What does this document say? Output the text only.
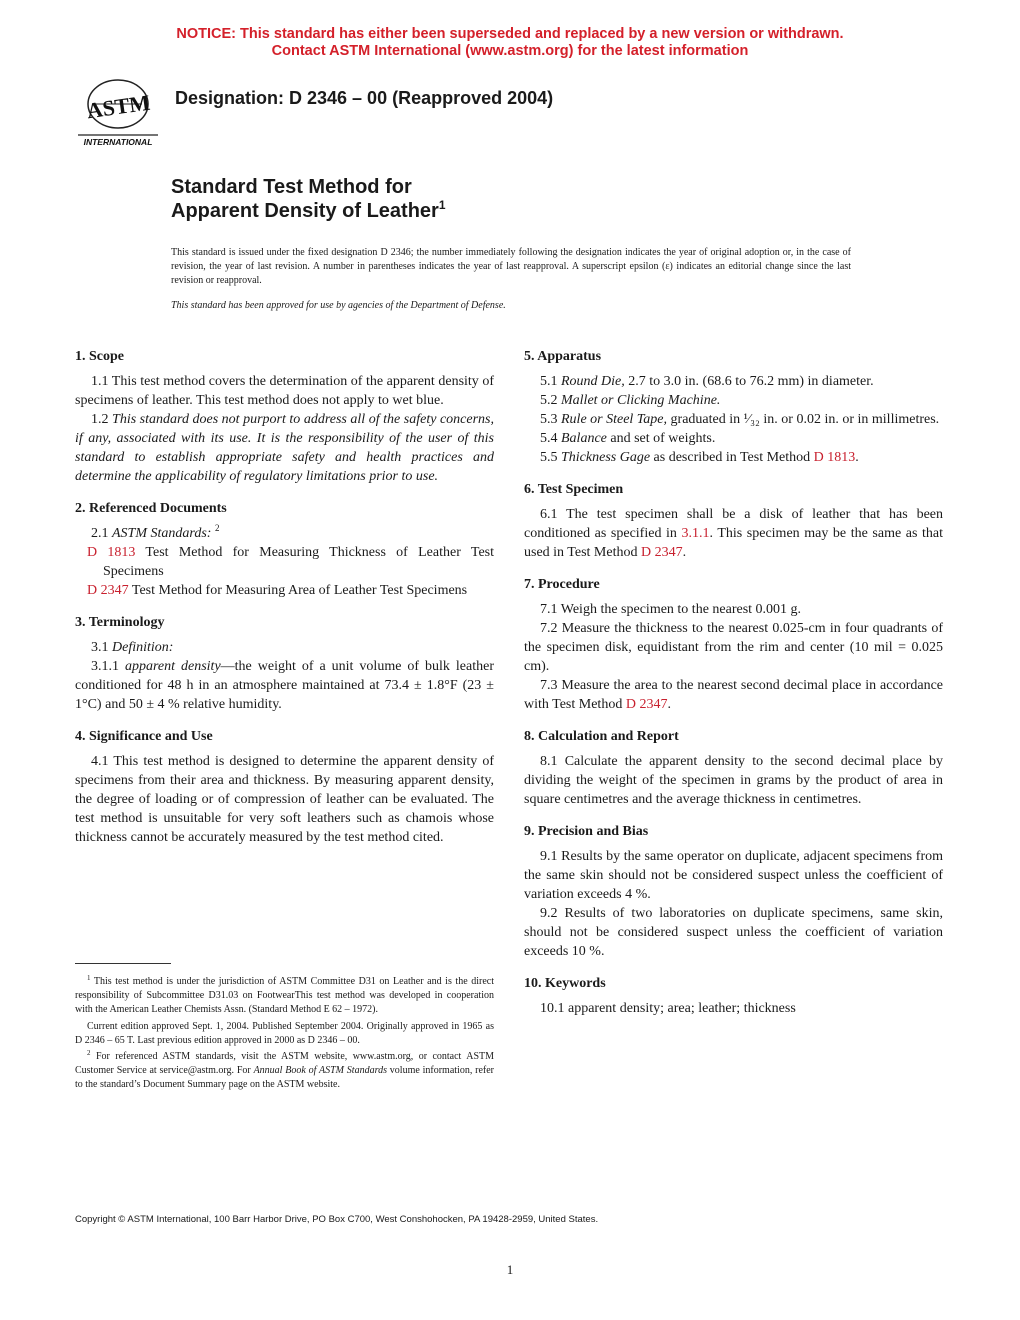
NOTICE: This standard has either been superseded and replaced by a new version or withdrawn.
Contact ASTM International (www.astm.org) for the latest information
ASTM
INTERNATIONAL
Designation: D 2346 – 00 (Reapproved 2004)
Standard Test Method for
Apparent Density of Leather$^1$
This standard is issued under the fixed designation D 2346; the number immediately following the designation indicates the year of original adoption or, in the case of revision, the year of last revision. A number in parentheses indicates the year of last reapproval. A superscript epsilon (ε) indicates an editorial change since the last revision or reapproval.
This standard has been approved for use by agencies of the Department of Defense.
1. Scope

1.1 This test method covers the determination of the apparent density of specimens of leather. This test method does not apply to wet blue.

1.2 This standard does not purport to address all of the safety concerns, if any, associated with its use. It is the responsibility of the user of this standard to establish appropriate safety and health practices and determine the applicability of regulatory limitations prior to use.

2. Referenced Documents

2.1 ASTM Standards: $^2$

D 1813 Test Method for Measuring Thickness of Leather Test Specimens

D 2347 Test Method for Measuring Area of Leather Test Specimens

3. Terminology

3.1 Definition:

3.1.1 apparent density—the weight of a unit volume of bulk leather conditioned for 48 h in an atmosphere maintained at 73.4 ± 1.8°F (23 ± 1°C) and 50 ± 4 % relative humidity.

4. Significance and Use

4.1 This test method is designed to determine the apparent density of specimens from their area and thickness. By measuring apparent density, the degree of loading or of compression of leather can be evaluated. The test method is unsuitable for very soft leathers such as chamois whose thickness cannot be accurately measured by the test method cited.

5. Apparatus

5.1 Round Die, 2.7 to 3.0 in. (68.6 to 76.2 mm) in diameter.

5.2 Mallet or Clicking Machine.

5.3 Rule or Steel Tape, graduated in ¹⁄₃₂ in. or 0.02 in. or in millimetres.

5.4 Balance and set of weights.

5.5 Thickness Gage as described in Test Method D 1813.

6. Test Specimen

6.1 The test specimen shall be a disk of leather that has been conditioned as specified in 3.1.1. This specimen may be the same as that used in Test Method D 2347.

7. Procedure

7.1 Weigh the specimen to the nearest 0.001 g.

7.2 Measure the thickness to the nearest 0.025-cm in four quadrants of the specimen disk, equidistant from the rim and center (10 mil = 0.025 cm).

7.3 Measure the area to the nearest second decimal place in accordance with Test Method D 2347.

8. Calculation and Report

8.1 Calculate the apparent density to the second decimal place by dividing the weight of the specimen in grams by the product of area in square centimetres and the average thickness in centimetres.

9. Precision and Bias

9.1 Results by the same operator on duplicate, adjacent specimens from the same skin should not be considered suspect unless the coefficient of variation exceeds 4 %.

9.2 Results of two laboratories on duplicate specimens, same skin, should not be considered suspect unless the coefficient of variation exceeds 10 %.

10. Keywords

10.1 apparent density; area; leather; thickness

$^1$ This test method is under the jurisdiction of ASTM Committee D31 on Leather and is the direct responsibility of Subcommittee D31.03 on FootwearThis test method was developed in cooperation with the American Leather Chemists Assn. (Standard Method E 62 – 1972).

Current edition approved Sept. 1, 2004. Published September 2004. Originally approved in 1965 as D 2346 – 65 T. Last previous edition approved in 2000 as D 2346 – 00.

$^2$ For referenced ASTM standards, visit the ASTM website, www.astm.org, or contact ASTM Customer Service at service@astm.org. For Annual Book of ASTM Standards volume information, refer to the standard’s Document Summary page on the ASTM website.

Copyright © ASTM International, 100 Barr Harbor Drive, PO Box C700, West Conshohocken, PA 19428-2959, United States.
1
